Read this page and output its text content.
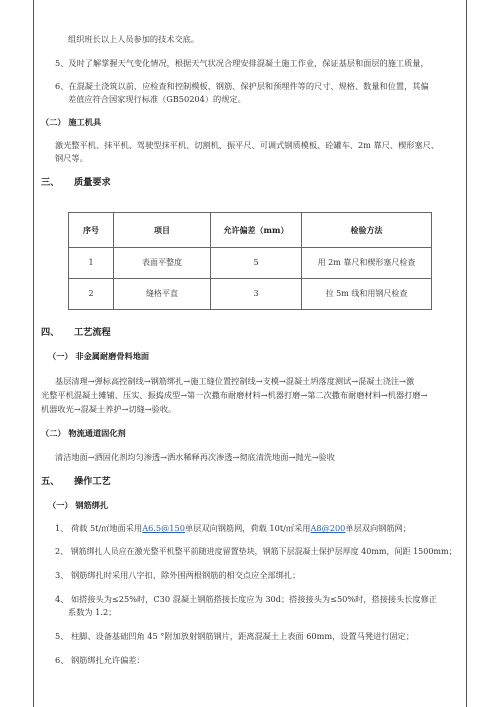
组织班长以上人员参加的技术交底。
5、及时了解掌握天气变化情况，根据天气状况合理安排混凝土施工作业，保证基层和面层的施工质量，
6、在混凝土浇筑以前，应检查和控制模板、钢筋、保护层和预埋件等的尺寸、规格、数量和位置，其偏
差值应符合国家现行标准（GB50204）的规定。
（二） 施工机具
激光整平机、抹平机、驾驶型抹平机、切割机、振平尺、可调式钢质模板、砼罐车、2m 靠尺、楔形塞尺、
钢尺等。
三、 质量要求
序号	项目	允许偏差（mm）	检验方法
1	表面平整度	5	用 2m 靠尺和楔形塞尺检查
2	缝格平直	3	拉 5m 线和用钢尺检查
四、 工艺流程
（一） 非金属耐磨骨料地面
基层清理→弹标高控制线→钢筋绑扎→施工缝位置控制线→支模→混凝土坍落度测试→混凝土浇注→激
光整平机混凝土摊铺、压实、振捣成型→第一次撒布耐磨材料→机器打磨→第二次撒布耐磨材料→机器打磨→
机器收光→混凝土养护→切缝→验收。
（二） 物流通道固化剂
清洁地面→洒固化剂均匀渗透→洒水稀释再次渗透→彻底清洗地面→抛光→验收
五、 操作工艺
（一） 钢筋绑扎
1、 荷载 5t/㎡地面采用A6.5@150单层双向钢筋网，荷载 10t/㎡采用A8@200单层双向钢筋网；
2、 钢筋绑扎人员应在激光整平机整平前随进度留置垫块，钢筋下层混凝土保护层厚度 40mm，间距 1500mm；
3、 钢筋绑扎时采用八字扣，除外围两根钢筋的相交点应全部绑扎；
4、 如搭接头为≤25%时，C30 混凝土钢筋搭接长度应为 30d；搭接接头为≤50%时，搭接接头长度修正
系数为 1.2；
5、 柱脚、设备基础凹角 45 °附加放射钢筋钢片，距离混凝土上表面 60mm，设置马凳进行固定；
6、 钢筋绑扎允许偏差：
